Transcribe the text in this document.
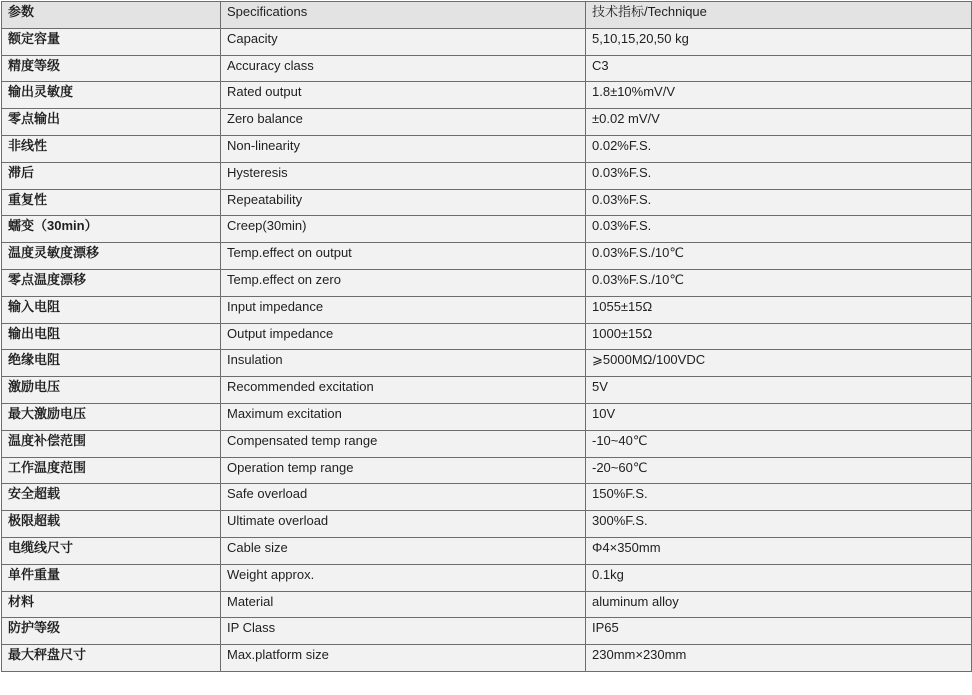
参数	Specifications	技术指标/Technique
额定容量	Capacity	5,10,15,20,50 kg
精度等级	Accuracy class	C3
输出灵敏度	Rated output	1.8±10%mV/V
零点输出	Zero balance	±0.02 mV/V
非线性	Non-linearity	0.02%F.S.
滞后	Hysteresis	0.03%F.S.
重复性	Repeatability	0.03%F.S.
蠕变（30min）	Creep(30min)	0.03%F.S.
温度灵敏度漂移	Temp.effect on output	0.03%F.S./10℃
零点温度漂移	Temp.effect on zero	0.03%F.S./10℃
输入电阻	Input impedance	1055±15Ω
输出电阻	Output impedance	1000±15Ω
绝缘电阻	Insulation	⩾5000MΩ/100VDC
激励电压	Recommended excitation	5V
最大激励电压	Maximum excitation	10V
温度补偿范围	Compensated temp range	-10~40℃
工作温度范围	Operation temp range	-20~60℃
安全超载	Safe overload	150%F.S.
极限超载	Ultimate overload	300%F.S.
电缆线尺寸	Cable size	Φ4×350mm
单件重量	Weight approx.	0.1kg
材料	Material	aluminum alloy
防护等级	IP Class	IP65
最大秤盘尺寸	Max.platform size	230mm×230mm
